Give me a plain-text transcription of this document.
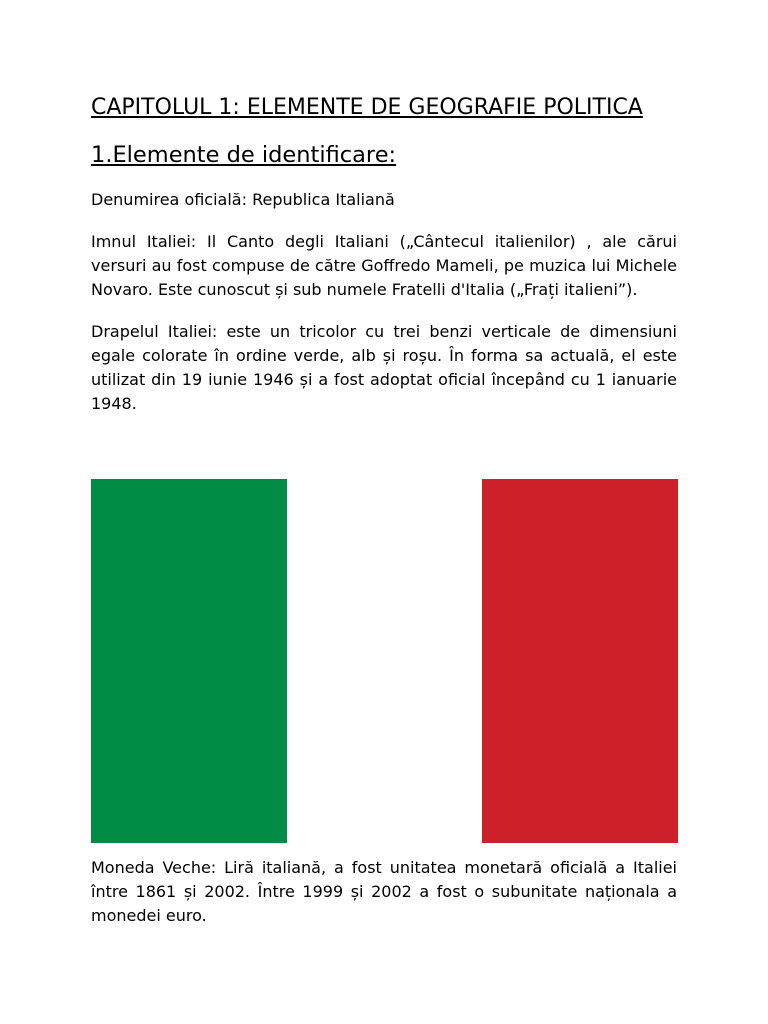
CAPITOLUL 1: ELEMENTE DE GEOGRAFIE POLITICA
1.Elemente de identificare:

Denumirea oficială: Republica Italiană

Imnul Italiei: Il Canto degli Italiani („Cântecul italienilor) , ale cărui versuri au fost compuse de către Goffredo Mameli, pe muzica lui Michele Novaro. Este cunoscut și sub numele Fratelli d'Italia („Frați italieni”).

Drapelul Italiei: este un tricolor cu trei benzi verticale de dimensiuni egale colorate în ordine verde, alb și roșu. În forma sa actuală, el este utilizat din 19 iunie 1946 și a fost adoptat oficial începând cu 1 ianuarie 1948.

Moneda Veche: Liră italiană, a fost unitatea monetară oficială a Italiei între 1861 și 2002. Între 1999 și 2002 a fost o subunitate naționala a monedei euro.
